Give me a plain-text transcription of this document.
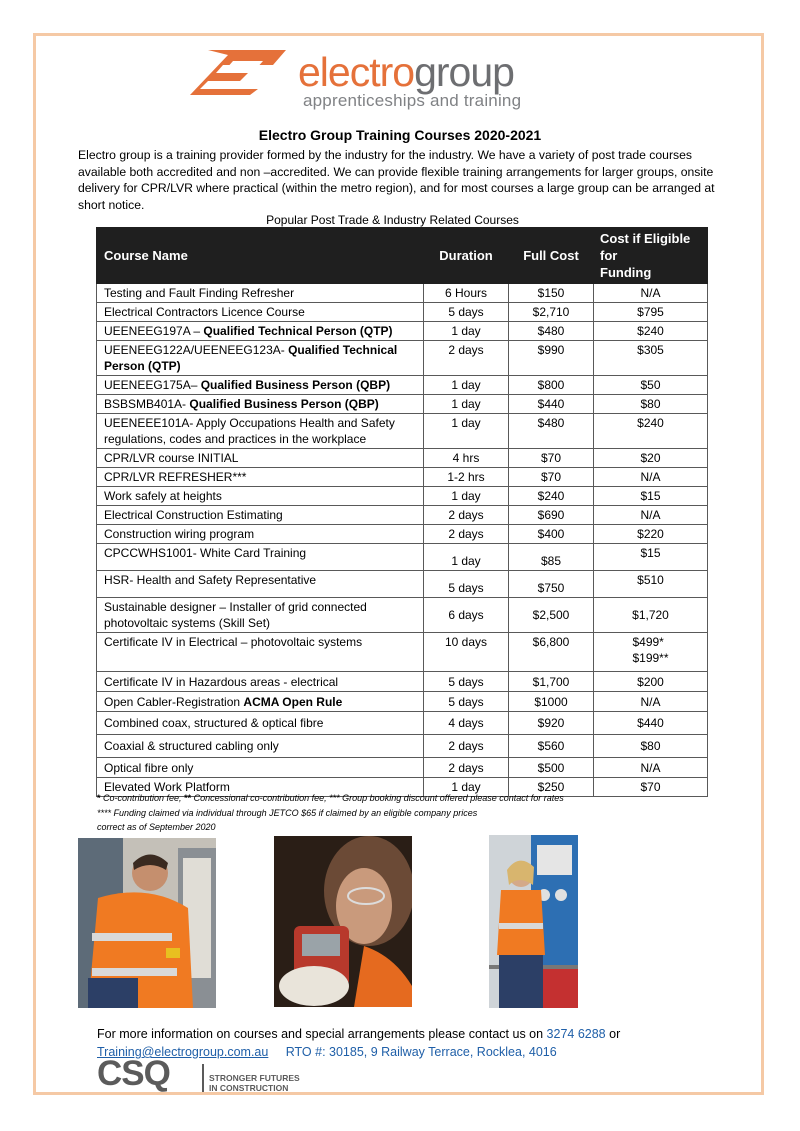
electrogroup
apprenticeships and training
Electro Group Training Courses 2020-2021
Electro group is a training provider formed by the industry for the industry. We have a variety of post trade courses available both accredited and non –accredited. We can provide flexible training arrangements for larger groups, onsite delivery for CPR/LVR where practical (within the metro region), and for most courses a large group can be arranged at short notice.
Popular Post Trade & Industry Related Courses
Course Name	Duration	Full Cost	Cost if Eligible
for
Funding
Testing and Fault Finding Refresher	6 Hours	$150	N/A
Electrical Contractors Licence Course	5 days	$2,710	$795
UEENEEG197A – Qualified Technical Person (QTP)	1 day	$480	$240
UEENEEG122A/UEENEEG123A- Qualified Technical Person (QTP)	2 days	$990	$305
UEENEEG175A– Qualified Business Person (QBP)	1 day	$800	$50
BSBSMB401A- Qualified Business Person (QBP)	1 day	$440	$80
UEENEEE101A- Apply Occupations Health and Safety regulations, codes and practices in the workplace	1 day	$480	$240
CPR/LVR course INITIAL	4 hrs	$70	$20
CPR/LVR REFRESHER***	1-2 hrs	$70	N/A
Work safely at heights	1 day	$240	$15
Electrical Construction Estimating	2 days	$690	N/A
Construction wiring program	2 days	$400	$220
CPCCWHS1001- White Card Training	1 day	$85	$15
HSR- Health and Safety Representative	5 days	$750	$510
Sustainable designer – Installer of grid connected photovoltaic systems (Skill Set)	6 days	$2,500	$1,720
Certificate IV in Electrical – photovoltaic systems	10 days	$6,800	$499*
$199**
Certificate IV in Hazardous areas - electrical	5 days	$1,700	$200
Open Cabler-Registration ACMA Open Rule	5 days	$1000	N/A
Combined coax, structured & optical fibre	4 days	$920	$440
Coaxial & structured cabling only	2 days	$560	$80
Optical fibre only	2 days	$500	N/A
Elevated Work Platform	1 day	$250	$70
* Co-contribution fee, ** Concessional co-contribution fee, *** Group booking discount offered please contact for rates
**** Funding claimed via individual through JETCO $65 if claimed by an eligible company prices
correct as of September 2020
For more information on courses and special arrangements please contact us on 3274 6288 or
Training@electrogroup.com.au RTO #: 30185, 9 Railway Terrace, Rocklea, 4016
CSQ	STRONGER FUTURES
IN CONSTRUCTION
